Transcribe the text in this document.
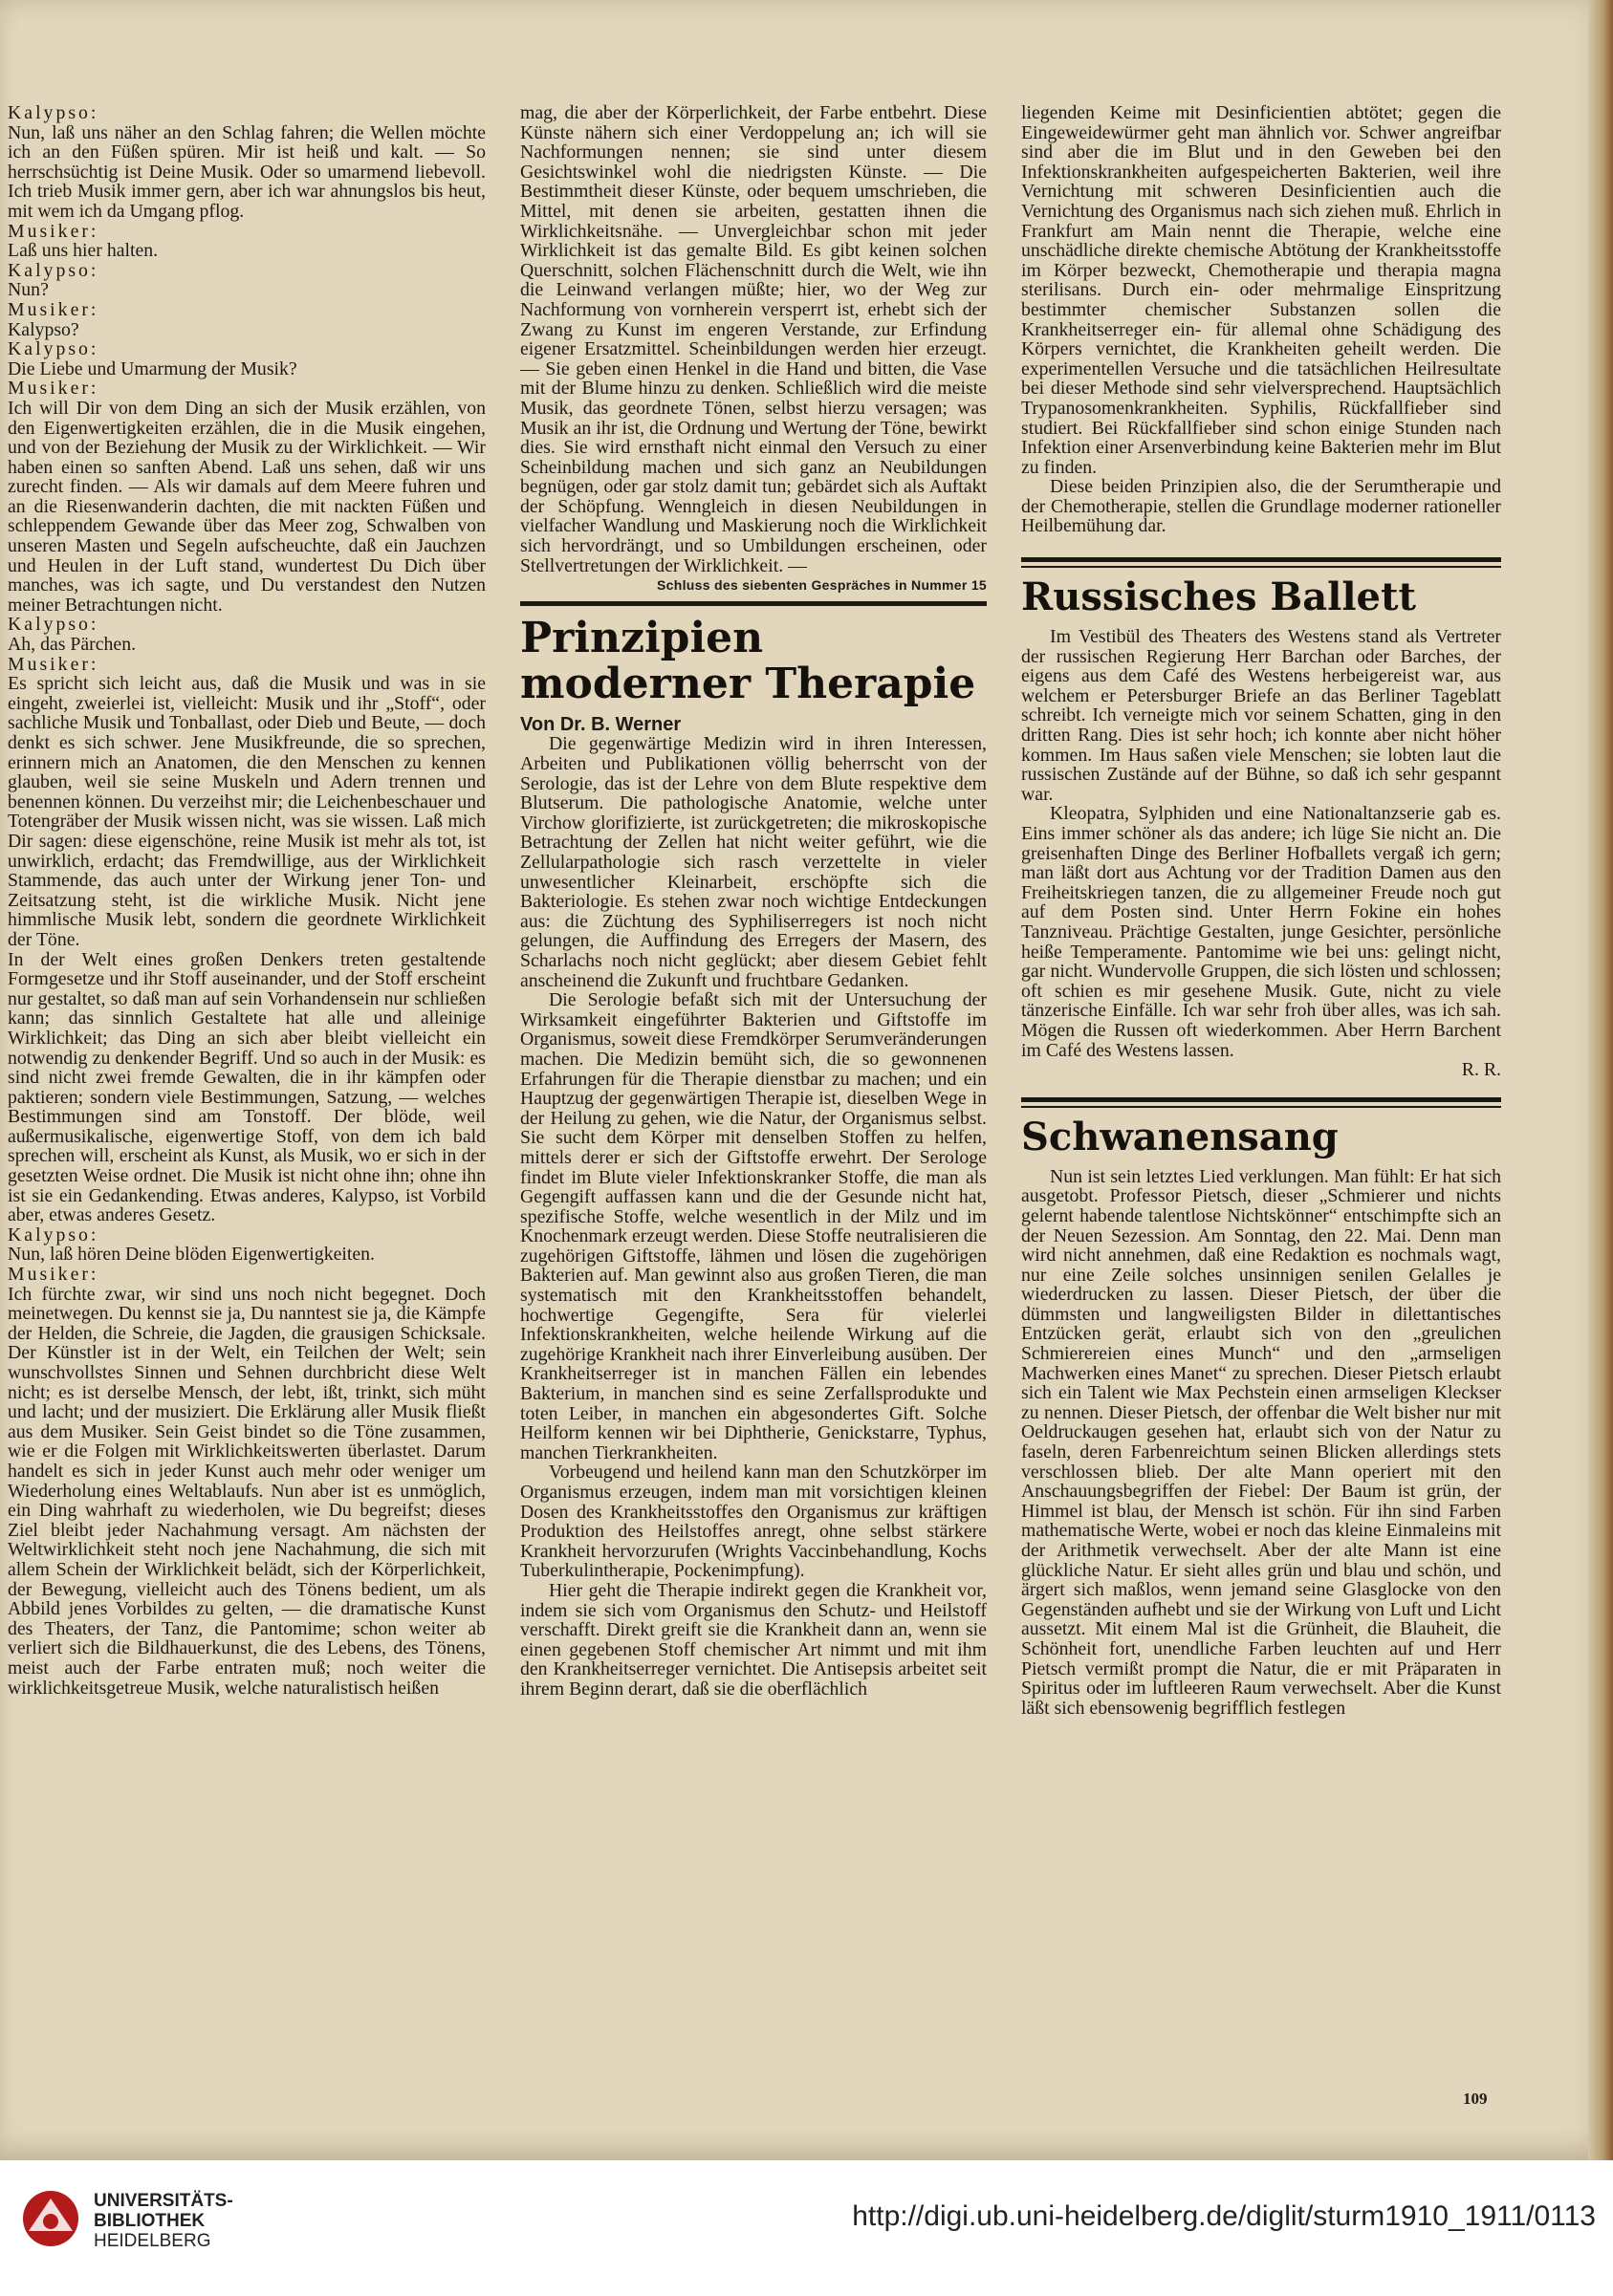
Kalypso:

Nun, laß uns näher an den Schlag fahren; die Wellen möchte ich an den Füßen spüren. Mir ist heiß und kalt. — So herrschsüchtig ist Deine Musik. Oder so umarmend liebevoll. Ich trieb Musik immer gern, aber ich war ahnungslos bis heut, mit wem ich da Umgang pflog.

Musiker:

Laß uns hier halten.

Kalypso:

Nun?

Musiker:

Kalypso?

Kalypso:

Die Liebe und Umarmung der Musik?

Musiker:

Ich will Dir von dem Ding an sich der Musik erzählen, von den Eigenwertigkeiten erzählen, die in die Musik eingehen, und von der Beziehung der Musik zu der Wirklichkeit. — Wir haben einen so sanften Abend. Laß uns sehen, daß wir uns zurecht finden. — Als wir damals auf dem Meere fuhren und an die Riesenwanderin dachten, die mit nackten Füßen und schleppendem Gewande über das Meer zog, Schwalben von unseren Masten und Segeln aufscheuchte, daß ein Jauchzen und Heulen in der Luft stand, wundertest Du Dich über manches, was ich sagte, und Du verstandest den Nutzen meiner Betrachtungen nicht.

Kalypso:

Ah, das Pärchen.

Musiker:

Es spricht sich leicht aus, daß die Musik und was in sie eingeht, zweierlei ist, vielleicht: Musik und ihr „Stoff“, oder sachliche Musik und Tonballast, oder Dieb und Beute, — doch denkt es sich schwer. Jene Musikfreunde, die so sprechen, erinnern mich an Anatomen, die den Menschen zu kennen glauben, weil sie seine Muskeln und Adern trennen und benennen können. Du verzeihst mir; die Leichenbeschauer und Totengräber der Musik wissen nicht, was sie wissen. Laß mich Dir sagen: diese eigenschöne, reine Musik ist mehr als tot, ist unwirklich, erdacht; das Fremdwillige, aus der Wirklichkeit Stammende, das auch unter der Wirkung jener Ton- und Zeitsatzung steht, ist die wirkliche Musik. Nicht jene himmlische Musik lebt, sondern die geordnete Wirklichkeit der Töne.

In der Welt eines großen Denkers treten gestaltende Formgesetze und ihr Stoff auseinander, und der Stoff erscheint nur gestaltet, so daß man auf sein Vorhandensein nur schließen kann; das sinnlich Gestaltete hat alle und alleinige Wirklichkeit; das Ding an sich aber bleibt vielleicht ein notwendig zu denkender Begriff. Und so auch in der Musik: es sind nicht zwei fremde Gewalten, die in ihr kämpfen oder paktieren; sondern viele Bestimmungen, Satzung, — welches Bestimmungen sind am Tonstoff. Der blöde, weil außermusikalische, eigenwertige Stoff, von dem ich bald sprechen will, erscheint als Kunst, als Musik, wo er sich in der gesetzten Weise ordnet. Die Musik ist nicht ohne ihn; ohne ihn ist sie ein Gedankending. Etwas anderes, Kalypso, ist Vorbild aber, etwas anderes Gesetz.

Kalypso:

Nun, laß hören Deine blöden Eigenwertigkeiten.

Musiker:

Ich fürchte zwar, wir sind uns noch nicht begegnet. Doch meinetwegen. Du kennst sie ja, Du nanntest sie ja, die Kämpfe der Helden, die Schreie, die Jagden, die grausigen Schicksale. Der Künstler ist in der Welt, ein Teilchen der Welt; sein wunschvollstes Sinnen und Sehnen durchbricht diese Welt nicht; es ist derselbe Mensch, der lebt, ißt, trinkt, sich müht und lacht; und der musiziert. Die Erklärung aller Musik fließt aus dem Musiker. Sein Geist bindet so die Töne zusammen, wie er die Folgen mit Wirklichkeitswerten überlastet. Darum handelt es sich in jeder Kunst auch mehr oder weniger um Wiederholung eines Weltablaufs. Nun aber ist es unmöglich, ein Ding wahrhaft zu wiederholen, wie Du begreifst; dieses Ziel bleibt jeder Nachahmung versagt. Am nächsten der Weltwirklichkeit steht noch jene Nachahmung, die sich mit allem Schein der Wirklichkeit belädt, sich der Körperlichkeit, der Bewegung, vielleicht auch des Tönens bedient, um als Abbild jenes Vorbildes zu gelten, — die dramatische Kunst des Theaters, der Tanz, die Pantomime; schon weiter ab verliert sich die Bildhauerkunst, die des Lebens, des Tönens, meist auch der Farbe entraten muß; noch weiter die wirklichkeitsgetreue Musik, welche naturalistisch heißen

mag, die aber der Körperlichkeit, der Farbe entbehrt. Diese Künste nähern sich einer Verdoppelung an; ich will sie Nachformungen nennen; sie sind unter diesem Gesichtswinkel wohl die niedrigsten Künste. — Die Bestimmtheit dieser Künste, oder bequem umschrieben, die Mittel, mit denen sie arbeiten, gestatten ihnen die Wirklichkeitsnähe. — Unvergleichbar schon mit jeder Wirklichkeit ist das gemalte Bild. Es gibt keinen solchen Querschnitt, solchen Flächenschnitt durch die Welt, wie ihn die Leinwand verlangen müßte; hier, wo der Weg zur Nachformung von vornherein versperrt ist, erhebt sich der Zwang zu Kunst im engeren Verstande, zur Erfindung eigener Ersatzmittel. Scheinbildungen werden hier erzeugt. — Sie geben einen Henkel in die Hand und bitten, die Vase mit der Blume hinzu zu denken. Schließlich wird die meiste Musik, das geordnete Tönen, selbst hierzu versagen; was Musik an ihr ist, die Ordnung und Wertung der Töne, bewirkt dies. Sie wird ernsthaft nicht einmal den Versuch zu einer Scheinbildung machen und sich ganz an Neubildungen begnügen, oder gar stolz damit tun; gebärdet sich als Auftakt der Schöpfung. Wenngleich in diesen Neubildungen in vielfacher Wandlung und Maskierung noch die Wirklichkeit sich hervordrängt, und so Umbildungen erscheinen, oder Stellvertretungen der Wirklichkeit. —

Schluss des siebenten Gespräches in Nummer 15

Prinzipien moderner Therapie

Von Dr. B. Werner

Die gegenwärtige Medizin wird in ihren Interessen, Arbeiten und Publikationen völlig beherrscht von der Serologie, das ist der Lehre von dem Blute respektive dem Blutserum. Die pathologische Anatomie, welche unter Virchow glorifizierte, ist zurückgetreten; die mikroskopische Betrachtung der Zellen hat nicht weiter geführt, wie die Zellularpathologie sich rasch verzettelte in vieler unwesentlicher Kleinarbeit, erschöpfte sich die Bakteriologie. Es stehen zwar noch wichtige Entdeckungen aus: die Züchtung des Syphiliserregers ist noch nicht gelungen, die Auffindung des Erregers der Masern, des Scharlachs noch nicht geglückt; aber diesem Gebiet fehlt anscheinend die Zukunft und fruchtbare Gedanken.

Die Serologie befaßt sich mit der Untersuchung der Wirksamkeit eingeführter Bakterien und Giftstoffe im Organismus, soweit diese Fremdkörper Serumveränderungen machen. Die Medizin bemüht sich, die so gewonnenen Erfahrungen für die Therapie dienstbar zu machen; und ein Hauptzug der gegenwärtigen Therapie ist, dieselben Wege in der Heilung zu gehen, wie die Natur, der Organismus selbst. Sie sucht dem Körper mit denselben Stoffen zu helfen, mittels derer er sich der Giftstoffe erwehrt. Der Serologe findet im Blute vieler Infektionskranker Stoffe, die man als Gegengift auffassen kann und die der Gesunde nicht hat, spezifische Stoffe, welche wesentlich in der Milz und im Knochenmark erzeugt werden. Diese Stoffe neutralisieren die zugehörigen Giftstoffe, lähmen und lösen die zugehörigen Bakterien auf. Man gewinnt also aus großen Tieren, die man systematisch mit den Krankheitsstoffen behandelt, hochwertige Gegengifte, Sera für vielerlei Infektionskrankheiten, welche heilende Wirkung auf die zugehörige Krankheit nach ihrer Einverleibung ausüben. Der Krankheitserreger ist in manchen Fällen ein lebendes Bakterium, in manchen sind es seine Zerfallsprodukte und toten Leiber, in manchen ein abgesondertes Gift. Solche Heilform kennen wir bei Diphtherie, Genickstarre, Typhus, manchen Tierkrankheiten.

Vorbeugend und heilend kann man den Schutzkörper im Organismus erzeugen, indem man mit vorsichtigen kleinen Dosen des Krankheitsstoffes den Organismus zur kräftigen Produktion des Heilstoffes anregt, ohne selbst stärkere Krankheit hervorzurufen (Wrights Vaccinbehandlung, Kochs Tuberkulintherapie, Pockenimpfung).

Hier geht die Therapie indirekt gegen die Krankheit vor, indem sie sich vom Organismus den Schutz- und Heilstoff verschafft. Direkt greift sie die Krankheit dann an, wenn sie einen gegebenen Stoff chemischer Art nimmt und mit ihm den Krankheitserreger vernichtet. Die Antisepsis arbeitet seit ihrem Beginn derart, daß sie die oberflächlich

liegenden Keime mit Desinficientien abtötet; gegen die Eingeweidewürmer geht man ähnlich vor. Schwer angreifbar sind aber die im Blut und in den Geweben bei den Infektionskrankheiten aufgespeicherten Bakterien, weil ihre Vernichtung mit schweren Desinficientien auch die Vernichtung des Organismus nach sich ziehen muß. Ehrlich in Frankfurt am Main nennt die Therapie, welche eine unschädliche direkte chemische Abtötung der Krankheitsstoffe im Körper bezweckt, Chemotherapie und therapia magna sterilisans. Durch ein- oder mehrmalige Einspritzung bestimmter chemischer Substanzen sollen die Krankheitserreger ein- für allemal ohne Schädigung des Körpers vernichtet, die Krankheiten geheilt werden. Die experimentellen Versuche und die tatsächlichen Heilresultate bei dieser Methode sind sehr vielversprechend. Hauptsächlich Trypanosomenkrankheiten. Syphilis, Rückfallfieber sind studiert. Bei Rückfallfieber sind schon einige Stunden nach Infektion einer Arsenverbindung keine Bakterien mehr im Blut zu finden.

Diese beiden Prinzipien also, die der Serumtherapie und der Chemotherapie, stellen die Grundlage moderner rationeller Heilbemühung dar.

Russisches Ballett

Im Vestibül des Theaters des Westens stand als Vertreter der russischen Regierung Herr Barchan oder Barches, der eigens aus dem Café des Westens herbeigereist war, aus welchem er Petersburger Briefe an das Berliner Tageblatt schreibt. Ich verneigte mich vor seinem Schatten, ging in den dritten Rang. Dies ist sehr hoch; ich konnte aber nicht höher kommen. Im Haus saßen viele Menschen; sie lobten laut die russischen Zustände auf der Bühne, so daß ich sehr gespannt war.

Kleopatra, Sylphiden und eine Nationaltanzserie gab es. Eins immer schöner als das andere; ich lüge Sie nicht an. Die greisenhaften Dinge des Berliner Hofballets vergaß ich gern; man läßt dort aus Achtung vor der Tradition Damen aus den Freiheitskriegen tanzen, die zu allgemeiner Freude noch gut auf dem Posten sind. Unter Herrn Fokine ein hohes Tanzniveau. Prächtige Gestalten, junge Gesichter, persönliche heiße Temperamente. Pantomime wie bei uns: gelingt nicht, gar nicht. Wundervolle Gruppen, die sich lösten und schlossen; oft schien es mir gesehene Musik. Gute, nicht zu viele tänzerische Einfälle. Ich war sehr froh über alles, was ich sah. Mögen die Russen oft wiederkommen. Aber Herrn Barchent im Café des Westens lassen.

R. R.

Schwanensang

Nun ist sein letztes Lied verklungen. Man fühlt: Er hat sich ausgetobt. Professor Pietsch, dieser „Schmierer und nichts gelernt habende talentlose Nichtskönner“ entschimpfte sich an der Neuen Sezession. Am Sonntag, den 22. Mai. Denn man wird nicht annehmen, daß eine Redaktion es nochmals wagt, nur eine Zeile solches unsinnigen senilen Gelalles je wiederdrucken zu lassen. Dieser Pietsch, der über die dümmsten und langweiligsten Bilder in dilettantisches Entzücken gerät, erlaubt sich von den „greulichen Schmierereien eines Munch“ und den „armseligen Machwerken eines Manet“ zu sprechen. Dieser Pietsch erlaubt sich ein Talent wie Max Pechstein einen armseligen Kleckser zu nennen. Dieser Pietsch, der offenbar die Welt bisher nur mit Oeldruckaugen gesehen hat, erlaubt sich von der Natur zu faseln, deren Farbenreichtum seinen Blicken allerdings stets verschlossen blieb. Der alte Mann operiert mit den Anschauungsbegriffen der Fiebel: Der Baum ist grün, der Himmel ist blau, der Mensch ist schön. Für ihn sind Farben mathematische Werte, wobei er noch das kleine Einmaleins mit der Arithmetik verwechselt. Aber der alte Mann ist eine glückliche Natur. Er sieht alles grün und blau und schön, und ärgert sich maßlos, wenn jemand seine Glasglocke von den Gegenständen aufhebt und sie der Wirkung von Luft und Licht aussetzt. Mit einem Mal ist die Grünheit, die Blauheit, die Schönheit fort, unendliche Farben leuchten auf und Herr Pietsch vermißt prompt die Natur, die er mit Präparaten in Spiritus oder im luftleeren Raum verwechselt. Aber die Kunst läßt sich ebensowenig begrifflich festlegen

109
UNIVERSITÄTS-
BIBLIOTHEK
HEIDELBERG
http://digi.ub.uni-heidelberg.de/diglit/sturm1910_1911/0113
